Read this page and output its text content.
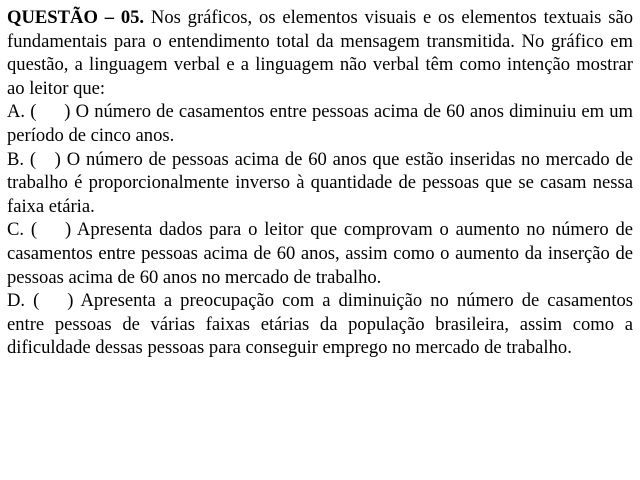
QUESTÃO – 05. Nos gráficos, os elementos visuais e os elementos textuais são fundamentais para o entendimento total da mensagem transmitida. No gráfico em questão, a linguagem verbal e a linguagem não verbal têm como intenção mostrar ao leitor que:

A. (  ) O número de casamentos entre pessoas acima de 60 anos diminuiu em um período de cinco anos.

B. ( ) O número de pessoas acima de 60 anos que estão inseridas no mercado de trabalho é proporcionalmente inverso à quantidade de pessoas que se casam nessa faixa etária.

C. (  ) Apresenta dados para o leitor que comprovam o aumento no número de casamentos entre pessoas acima de 60 anos, assim como o aumento da inserção de pessoas acima de 60 anos no mercado de trabalho.

D. (  ) Apresenta a preocupação com a diminuição no número de casamentos entre pessoas de várias faixas etárias da população brasileira, assim como a dificuldade dessas pessoas para conseguir emprego no mercado de trabalho.
